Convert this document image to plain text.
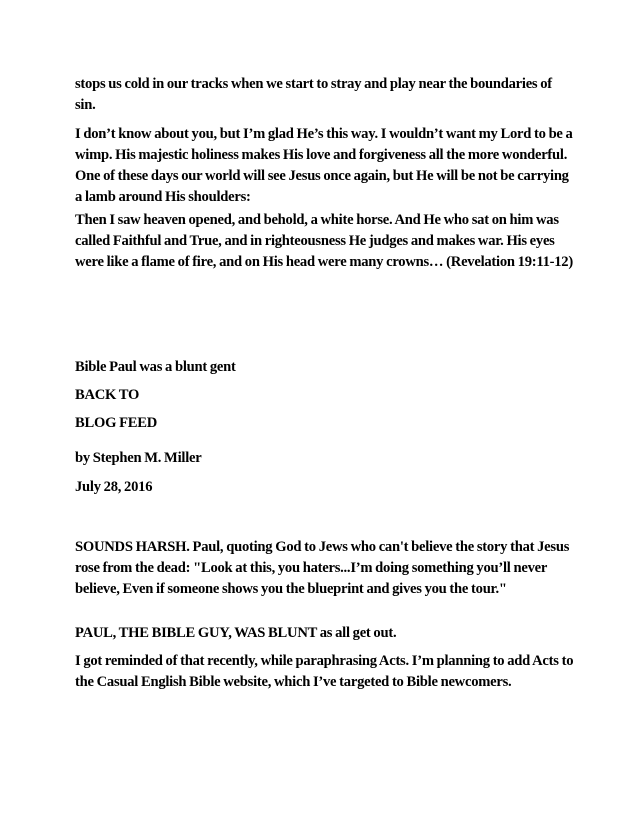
stops us cold in our tracks when we start to stray and play near the boundaries of sin.

I don’t know about you, but I’m glad He’s this way. I wouldn’t want my Lord to be a wimp. His majestic holiness makes His love and forgiveness all the more wonderful. One of these days our world will see Jesus once again, but He will be not be carrying a lamb around His shoulders:

Then I saw heaven opened, and behold, a white horse. And He who sat on him was called Faithful and True, and in righteousness He judges and makes war. His eyes were like a flame of fire, and on His head were many crowns… (Revelation 19:11-12)

Bible Paul was a blunt gent

BACK TO

BLOG FEED

by Stephen M. Miller

July 28, 2016

SOUNDS HARSH. Paul, quoting God to Jews who can't believe the story that Jesus rose from the dead: "Look at this, you haters...I’m doing something you’ll never believe, Even if someone shows you the blueprint and gives you the tour."

PAUL, THE BIBLE GUY, WAS BLUNT as all get out.

I got reminded of that recently, while paraphrasing Acts. I’m planning to add Acts to the Casual English Bible website, which I’ve targeted to Bible newcomers.
